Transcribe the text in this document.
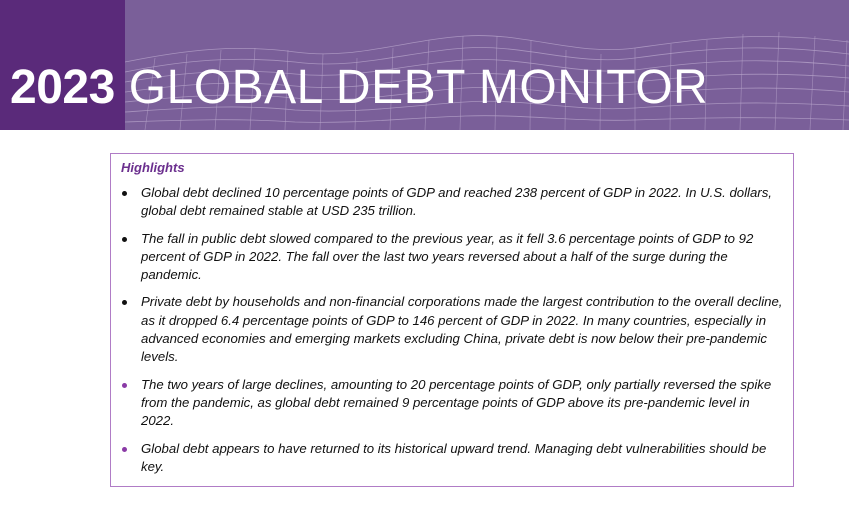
2023 GLOBAL DEBT MONITOR
Highlights
Global debt declined 10 percentage points of GDP and reached 238 percent of GDP in 2022. In U.S. dollars, global debt remained stable at USD 235 trillion.
The fall in public debt slowed compared to the previous year, as it fell 3.6 percentage points of GDP to 92 percent of GDP in 2022. The fall over the last two years reversed about a half of the surge during the pandemic.
Private debt by households and non-financial corporations made the largest contribution to the overall decline, as it dropped 6.4 percentage points of GDP to 146 percent of GDP in 2022. In many countries, especially in advanced economies and emerging markets excluding China, private debt is now below their pre-pandemic levels.
The two years of large declines, amounting to 20 percentage points of GDP, only partially reversed the spike from the pandemic, as global debt remained 9 percentage points of GDP above its pre-pandemic level in 2022.
Global debt appears to have returned to its historical upward trend. Managing debt vulnerabilities should be key.
